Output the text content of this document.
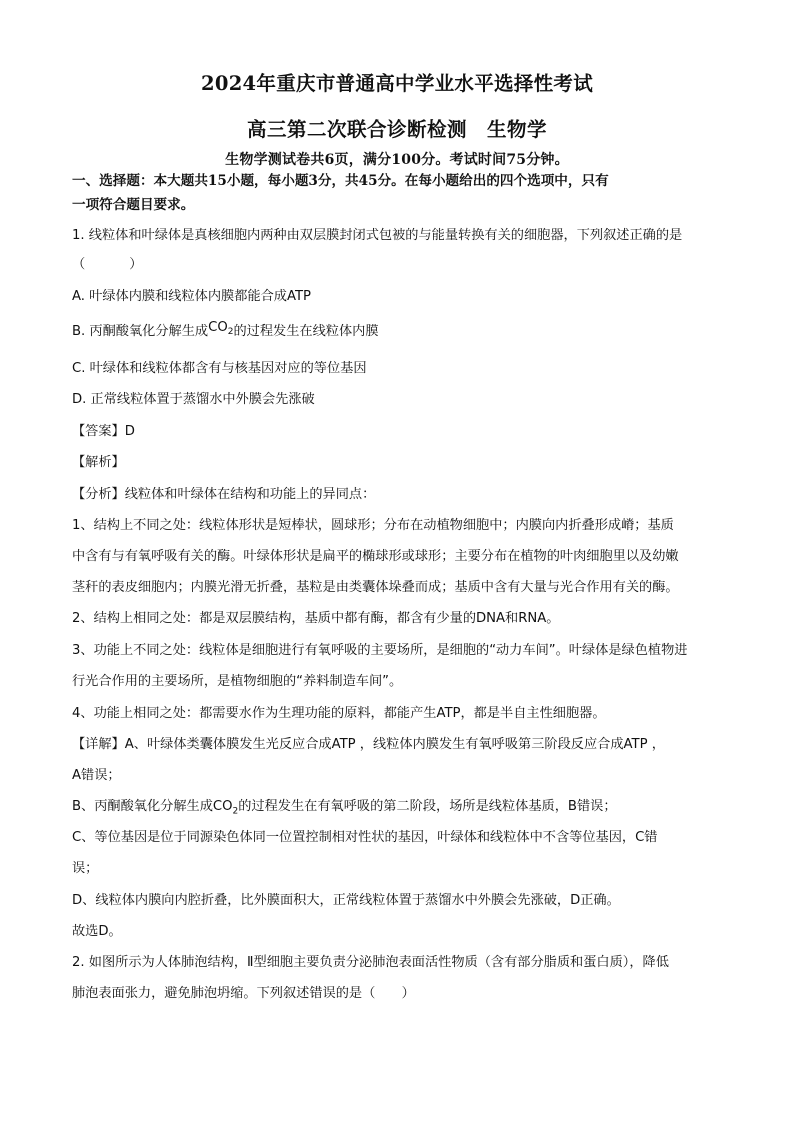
2024年重庆市普通高中学业水平选择性考试
高三第二次联合诊断检测　生物学
生物学测试卷共6页，满分100分。考试时间75分钟。
一、选择题：本大题共15小题，每小题3分，共45分。在每小题给出的四个选项中，只有
一项符合题目要求。
1. 线粒体和叶绿体是真核细胞内两种由双层膜封闭式包被的与能量转换有关的细胞器，下列叙述正确的是
（	）
A. 叶绿体内膜和线粒体内膜都能合成ATP
B. 丙酮酸氧化分解生成CO2的过程发生在线粒体内膜
C. 叶绿体和线粒体都含有与核基因对应的等位基因
D. 正常线粒体置于蒸馏水中外膜会先涨破
【答案】D
【解析】
【分析】线粒体和叶绿体在结构和功能上的异同点：
1、结构上不同之处：线粒体形状是短棒状，圆球形；分布在动植物细胞中；内膜向内折叠形成嵴；基质
中含有与有氧呼吸有关的酶。叶绿体形状是扁平的椭球形或球形；主要分布在植物的叶肉细胞里以及幼嫩
茎秆的表皮细胞内；内膜光滑无折叠，基粒是由类囊体垛叠而成；基质中含有大量与光合作用有关的酶。
2、结构上相同之处：都是双层膜结构，基质中都有酶，都含有少量的DNA和RNA。
3、功能上不同之处：线粒体是细胞进行有氧呼吸的主要场所，是细胞的“动力车间”。叶绿体是绿色植物进
行光合作用的主要场所，是植物细胞的“养料制造车间”。
4、功能上相同之处：都需要水作为生理功能的原料，都能产生ATP，都是半自主性细胞器。
【详解】A、叶绿体类囊体膜发生光反应合成ATP ，线粒体内膜发生有氧呼吸第三阶段反应合成ATP ，
A错误；
B、丙酮酸氧化分解生成$CO_2$的过程发生在有氧呼吸的第二阶段，场所是线粒体基质，B错误；
C、等位基因是位于同源染色体同一位置控制相对性状的基因，叶绿体和线粒体中不含等位基因，C错
误；
D、线粒体内膜向内腔折叠，比外膜面积大，正常线粒体置于蒸馏水中外膜会先涨破，D正确。
故选D。
2. 如图所示为人体肺泡结构，Ⅱ型细胞主要负责分泌肺泡表面活性物质（含有部分脂质和蛋白质），降低
肺泡表面张力，避免肺泡坍缩。下列叙述错误的是（　　）
